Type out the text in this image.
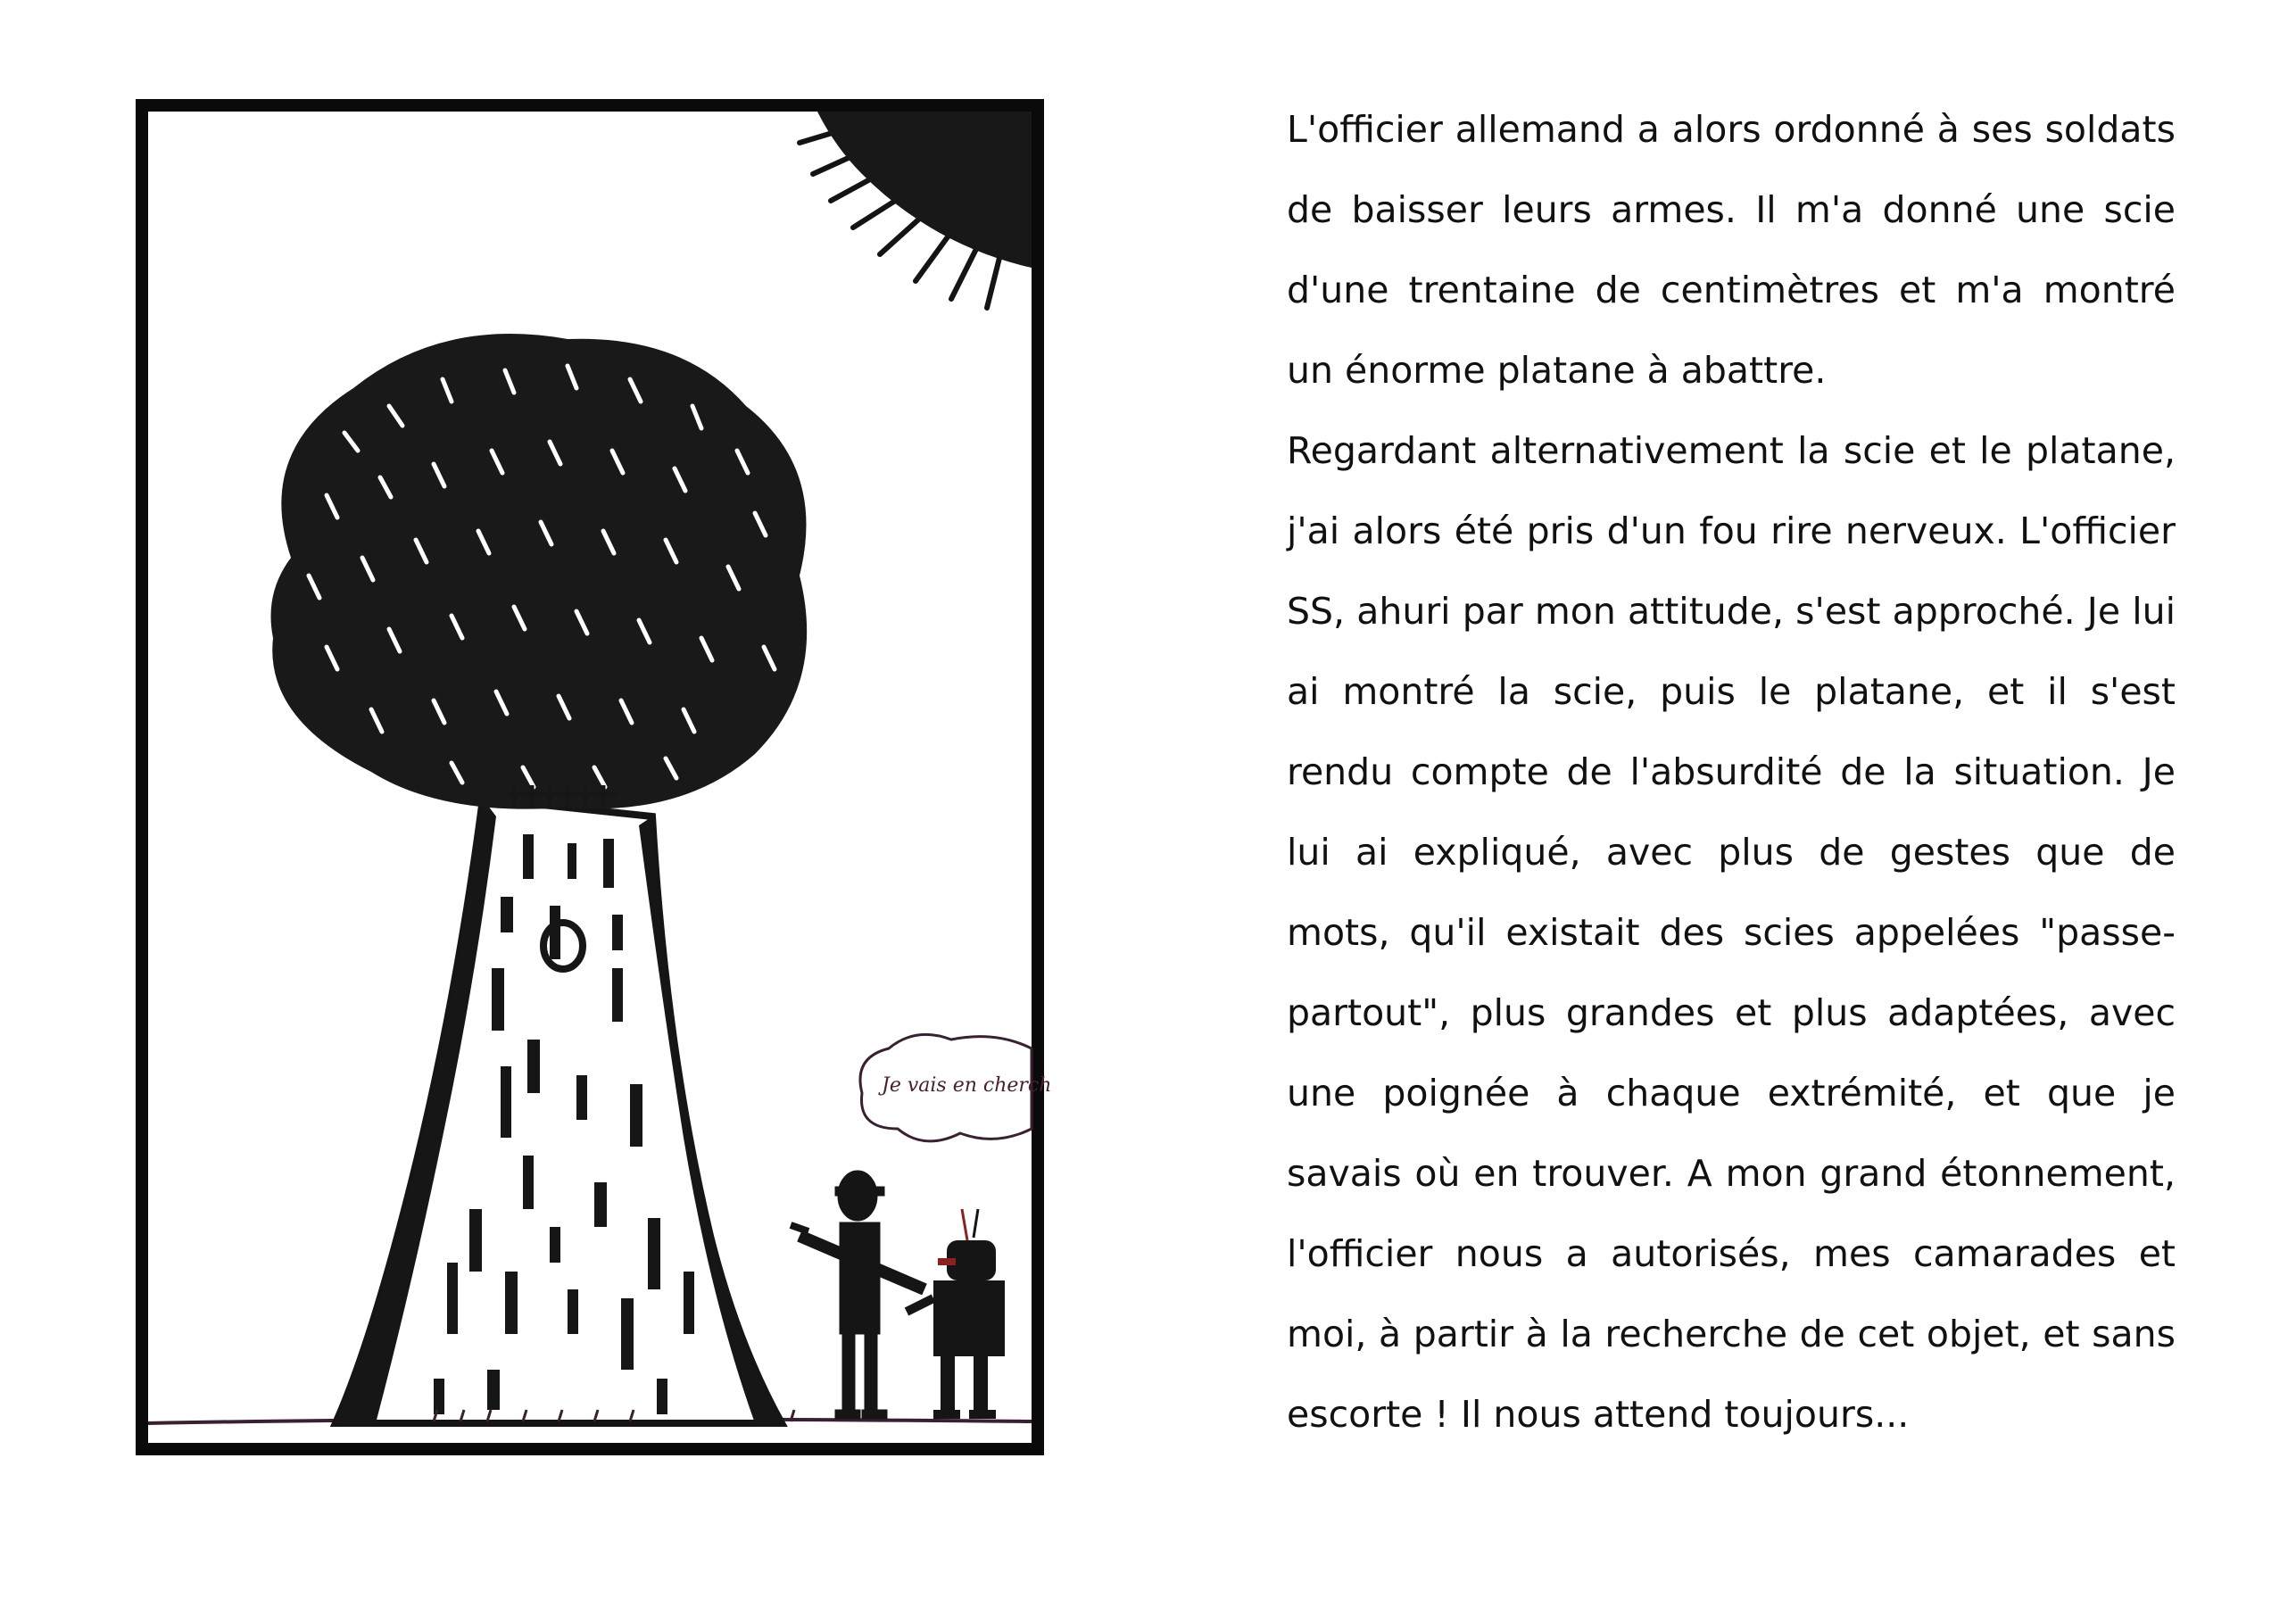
Je vais en cherch

L'officier allemand a alors ordonné à ses soldats de baisser leurs armes. Il m'a donné une scie d'une trentaine de centimètres et m'a montré un énorme platane à abattre.

Regardant alternativement la scie et le platane, j'ai alors été pris d'un fou rire nerveux. L'officier SS, ahuri par mon attitude, s'est approché. Je lui ai montré la scie, puis le platane, et il s'est rendu compte de l'absurdité de la situation. Je lui ai expliqué, avec plus de gestes que de mots, qu'il existait des scies appelées "passe-partout", plus grandes et plus adaptées, avec une poignée à chaque extrémité, et que je savais où en trouver. A mon grand étonnement, l'officier nous a autorisés, mes camarades et moi, à partir à la recherche de cet objet, et sans escorte ! Il nous attend toujours...
